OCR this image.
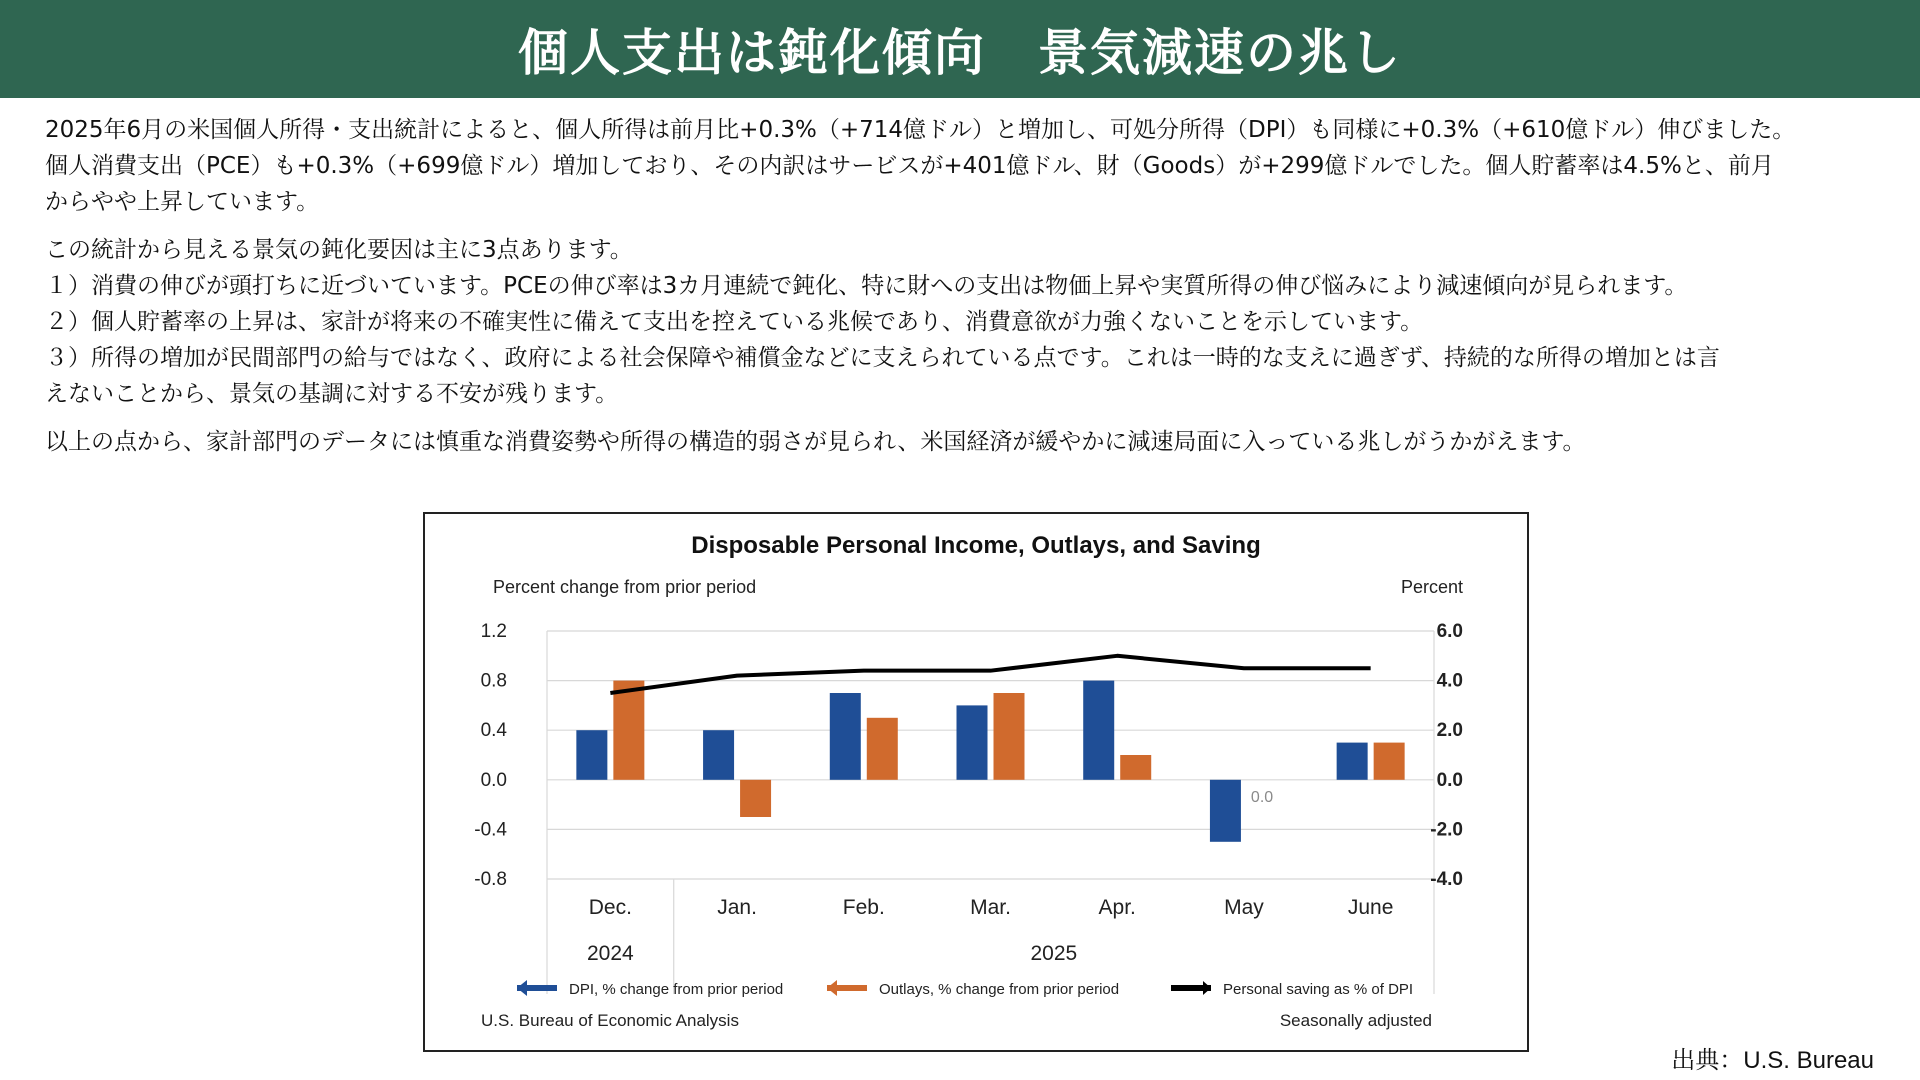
個人支出は鈍化傾向　景気減速の兆し

2025年6月の米国個人所得・支出統計によると、個人所得は前月比+0.3%（+714億ドル）と増加し、可処分所得（DPI）も同様に+0.3%（+610億ドル）伸びました。

個人消費支出（PCE）も+0.3%（+699億ドル）増加しており、その内訳はサービスが+401億ドル、財（Goods）が+299億ドルでした。個人貯蓄率は4.5%と、前月

からやや上昇しています。

この統計から見える景気の鈍化要因は主に3点あります。

１）消費の伸びが頭打ちに近づいています。PCEの伸び率は3カ月連続で鈍化、特に財への支出は物価上昇や実質所得の伸び悩みにより減速傾向が見られます。

２）個人貯蓄率の上昇は、家計が将来の不確実性に備えて支出を控えている兆候であり、消費意欲が力強くないことを示しています。

３）所得の増加が民間部門の給与ではなく、政府による社会保障や補償金などに支えられている点です。これは一時的な支えに過ぎず、持続的な所得の増加とは言

えないことから、景気の基調に対する不安が残ります。

以上の点から、家計部門のデータには慎重な消費姿勢や所得の構造的弱さが見られ、米国経済が緩やかに減速局面に入っている兆しがうかがえます。

Disposable Personal Income, Outlays, and Saving
Percent change from prior period	Percent
1.2
0.8
0.4
0.0
-0.4
-0.8
6.0
4.0
2.0
0.0
-2.0
-4.0
Dec.	Jan.	Feb.	Mar.	Apr.	May	June
2024	2025
0.0
DPI, % change from prior period	Outlays, % change from prior period	Personal saving as % of DPI
U.S. Bureau of Economic Analysis	Seasonally adjusted
出典：U.S. Bureau
